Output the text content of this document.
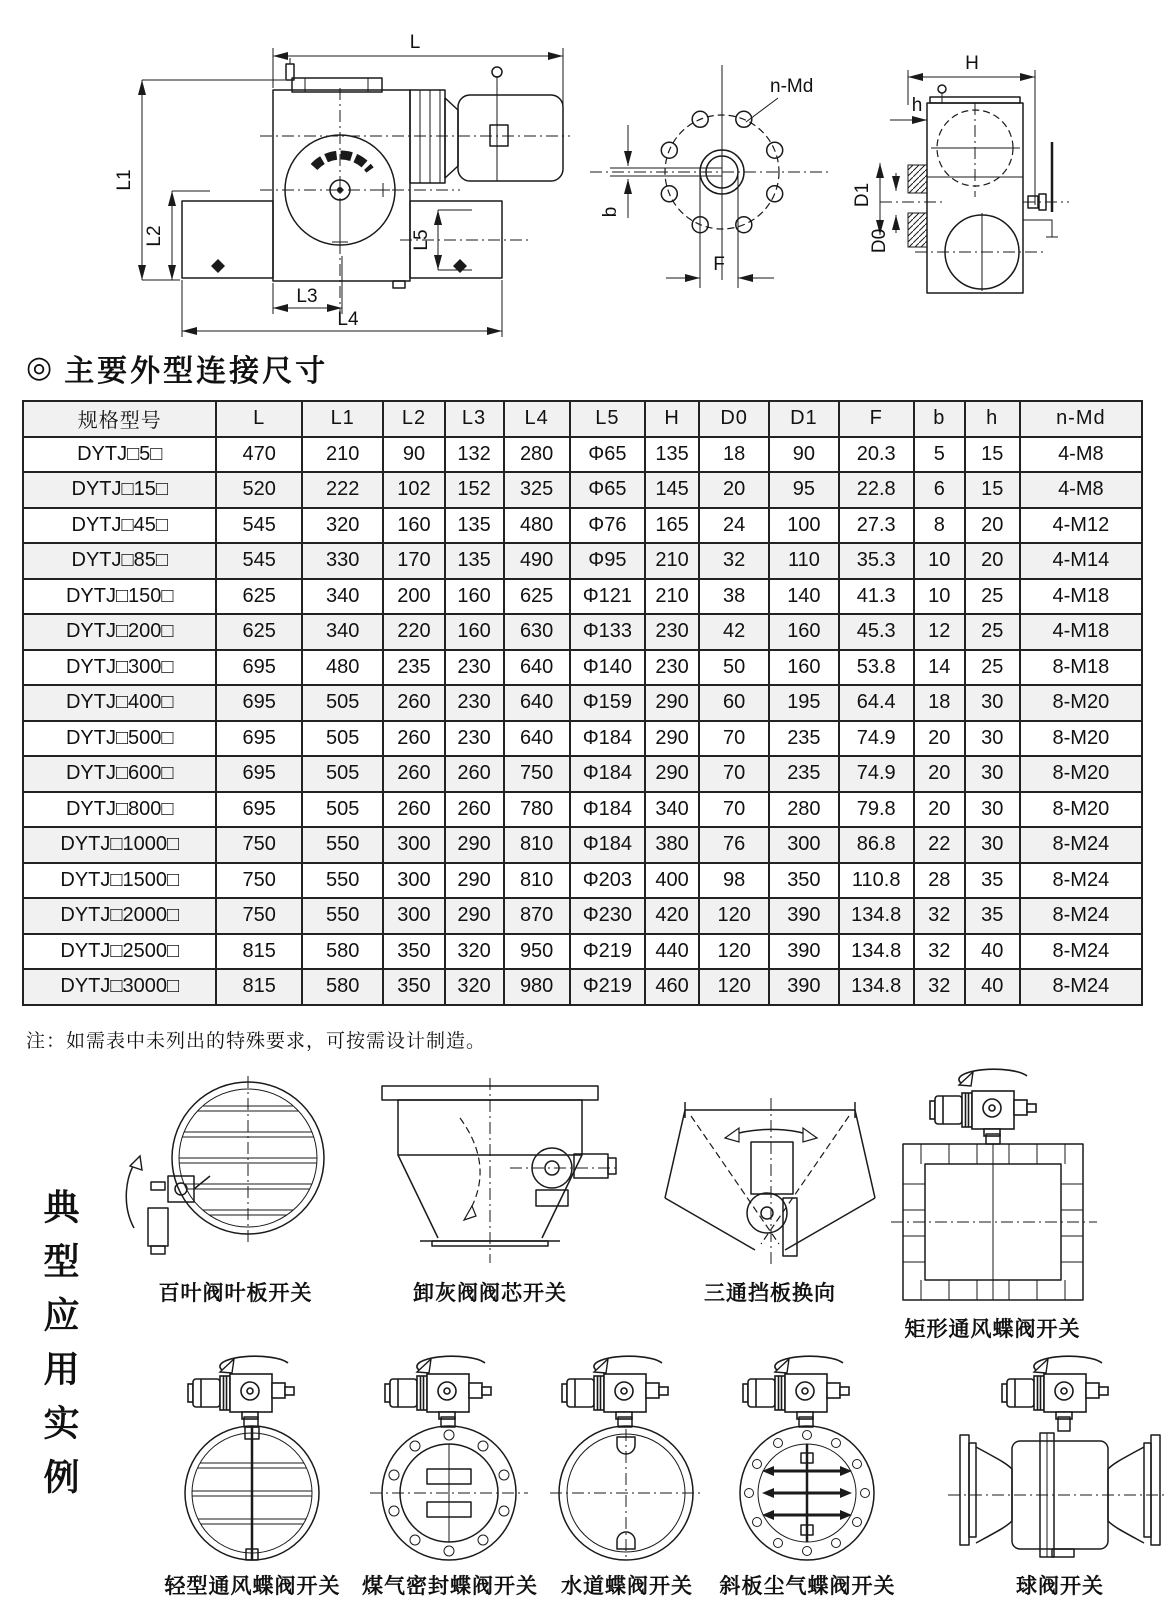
L
L1
L2	L5
L3
L4
b
F
n-Md
H
h
D1
D0
◎ 主要外型连接尺寸
规格型号	L	L1	L2	L3	L4	L5	H	D0	D1	F	b	h	n-Md
DYTJ□5□	470	210	90	132	280	Φ65	135	18	90	20.3	5	15	4-M8
DYTJ□15□	520	222	102	152	325	Φ65	145	20	95	22.8	6	15	4-M8
DYTJ□45□	545	320	160	135	480	Φ76	165	24	100	27.3	8	20	4-M12
DYTJ□85□	545	330	170	135	490	Φ95	210	32	110	35.3	10	20	4-M14
DYTJ□150□	625	340	200	160	625	Φ121	210	38	140	41.3	10	25	4-M18
DYTJ□200□	625	340	220	160	630	Φ133	230	42	160	45.3	12	25	4-M18
DYTJ□300□	695	480	235	230	640	Φ140	230	50	160	53.8	14	25	8-M18
DYTJ□400□	695	505	260	230	640	Φ159	290	60	195	64.4	18	30	8-M20
DYTJ□500□	695	505	260	230	640	Φ184	290	70	235	74.9	20	30	8-M20
DYTJ□600□	695	505	260	260	750	Φ184	290	70	235	74.9	20	30	8-M20
DYTJ□800□	695	505	260	260	780	Φ184	340	70	280	79.8	20	30	8-M20
DYTJ□1000□	750	550	300	290	810	Φ184	380	76	300	86.8	22	30	8-M24
DYTJ□1500□	750	550	300	290	810	Φ203	400	98	350	110.8	28	35	8-M24
DYTJ□2000□	750	550	300	290	870	Φ230	420	120	390	134.8	32	35	8-M24
DYTJ□2500□	815	580	350	320	950	Φ219	440	120	390	134.8	32	40	8-M24
DYTJ□3000□	815	580	350	320	980	Φ219	460	120	390	134.8	32	40	8-M24
注：如需表中未列出的特殊要求，可按需设计制造。
典型应用实例	百叶阀叶板开关	卸灰阀阀芯开关	三通挡板换向
矩形通风蝶阀开关
轻型通风蝶阀开关	煤气密封蝶阀开关	水道蝶阀开关	斜板尘气蝶阀开关	球阀开关
